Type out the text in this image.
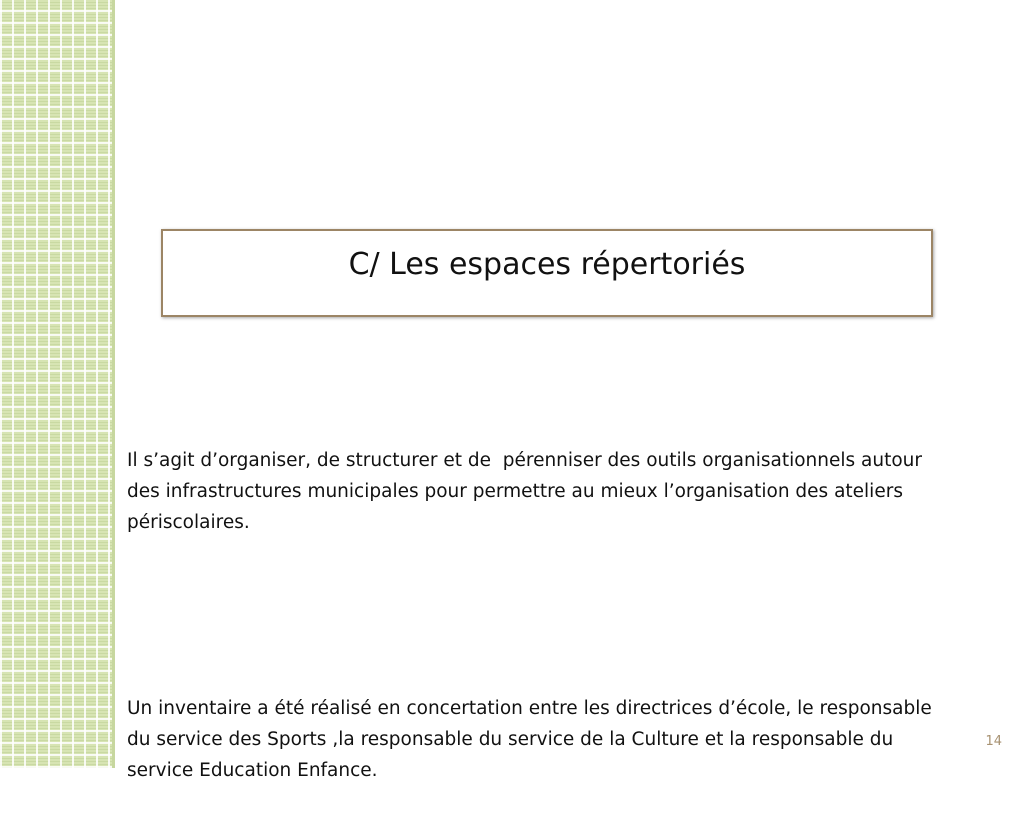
C/ Les espaces répertoriés

Il s’agit d’organiser, de structurer et de  pérenniser des outils organisationnels autour des infrastructures municipales pour permettre au mieux l’organisation des ateliers périscolaires.

Un inventaire a été réalisé en concertation entre les directrices d’école, le responsable du service des Sports ,la responsable du service de la Culture et la responsable du service Education Enfance.

14
